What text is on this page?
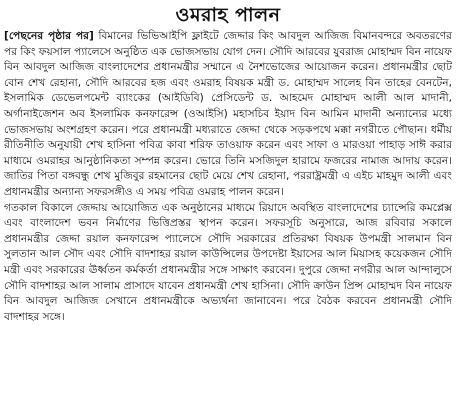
ওমরাহ পালন
[পেছনের পৃষ্ঠার পর] বিমানের ভিভিআইপি ফ্লাইটে জেদ্দার কিং আবদুল আজিজ বিমানবন্দরে অবতরণের পর কিং ফয়সাল প্যালেসে অনুষ্ঠিত এক ভোজসভায় যোগ দেন। সৌদি আরবের যুবরাজ মোহাম্মদ বিন নায়েফ বিন আবদুল আজিজ বাংলাদেশের প্রধানমন্ত্রীর সম্মানে এ নৈশভোজের আয়োজন করেন। প্রধানমন্ত্রীর ছোট বোন শেখ রেহানা, সৌদি আরবের হজ এবং ওমরাহ বিষয়ক মন্ত্রী ড. মোহাম্মদ সালেহ বিন তাহের বেনটেন, ইসলামিক ডেভেলপমেন্ট ব্যাংকের (আইডিবি) প্রেসিডেন্ট ড. আহমেদ মোহাম্মদ আলী আল মাদানী, অর্গানাইজেশন অব ইসলামিক কনফারেন্স (ওআইসি) মহাসচিব ইয়াদ বিন আমিন মাদানী অন্যান্যের মধ্যে ভোজসভায় অংশগ্রহণ করেন। পরে প্রধানমন্ত্রী মধ্যরাতে জেদ্দা থেকে সড়কপথে মক্কা নগরীতে পৌছান। ধর্মীয় রীতিনীতি অনুযায়ী শেখ হাসিনা পবিত্র কাবা শরিফ তাওয়াফ করেন এবং সাফা ও মারওয়া পাহাড় সাঈ করার মাধ্যমে ওমরাহর আনুষ্ঠানিকতা সম্পন্ন করেন। ভোরে তিনি মসজিদুল হারামে ফজরের নামাজ আদায় করেন। জাতির পিতা বঙ্গবন্ধু শেখ মুজিবুর রহমানের ছোট মেয়ে শেখ রেহানা, পররাষ্ট্রমন্ত্রী এ এইচ মাহমুদ আলী এবং প্রধানমন্ত্রীর অন্যান্য সফরসঙ্গীও এ সময় পবিত্র ওমরাহ পালন করেন।
গতকাল বিকালে জেদ্দায় আয়োজিত এক অনুষ্ঠানের মাধ্যমে রিয়াদে অবস্থিত বাংলাদেশের চ্যান্সেরি কমপ্লেক্স এবং বাংলাদেশ ভবন নির্মাণের ভিত্তিপ্রস্তর স্থাপন করেন। সফরসূচি অনুসারে, আজ রবিবার সকালে প্রধানমন্ত্রীর জেদ্দা রয়াল কনফারেন্স প্যালেসে সৌদি সরকারের প্রতিরক্ষা বিষয়ক উপমন্ত্রী সালমান বিন সুলতান আল সৌদ এবং সৌদি বাদশাহর রয়াল কাউন্সিলের উপদেষ্টা ইয়াসের আল মিয়াসহ কয়েকজন সৌদি মন্ত্রী এবং সরকারের ঊর্ধ্বতন কর্মকর্তা প্রধানমন্ত্রীর সঙ্গে সাক্ষাৎ করবেন। দুপুরে জেদ্দা নগরীর আল আন্দালুসে সৌদি বাদশাহর আল সালাম প্রাসাদে যাবেন প্রধানমন্ত্রী শেখ হাসিনা। সৌদি ক্রাউন প্রিন্স মোহাম্মদ বিন নায়েফ বিন আবদুল আজিজ সেখানে প্রধানমন্ত্রীকে অভ্যর্থনা জানাবেন। পরে বৈঠক করবেন প্রধানমন্ত্রী সৌদি বাদশাহর সঙ্গে।
